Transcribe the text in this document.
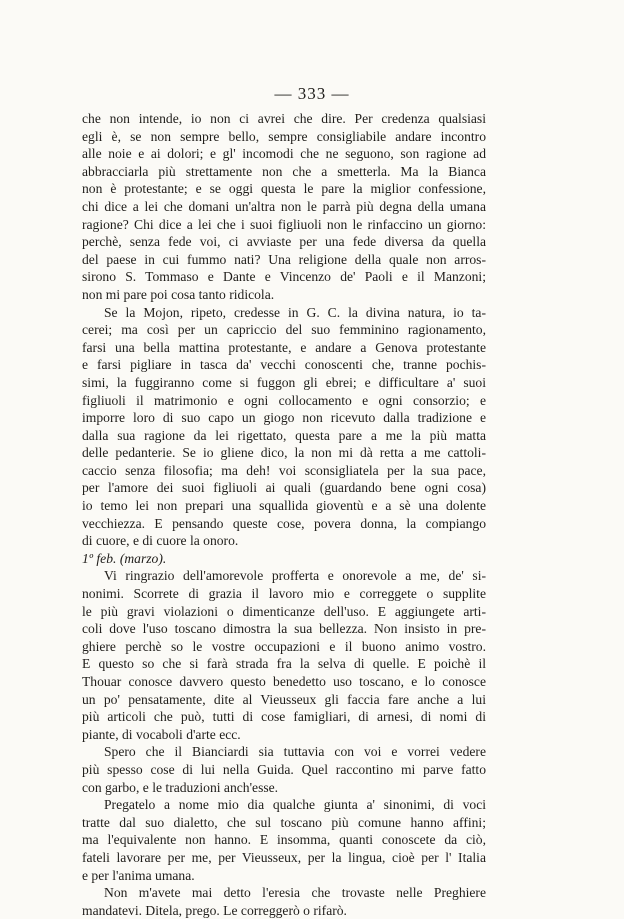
— 333 —
che non intende, io non ci avrei che dire. Per credenza qualsiasi
egli è, se non sempre bello, sempre consigliabile andare incontro
alle noie e ai dolori; e gl' incomodi che ne seguono, son ragione ad
abbracciarla più strettamente non che a smetterla. Ma la Bianca
non è protestante; e se oggi questa le pare la miglior confessione,
chi dice a lei che domani un'altra non le parrà più degna della umana
ragione? Chi dice a lei che i suoi figliuoli non le rinfaccino un giorno:
perchè, senza fede voi, ci avviaste per una fede diversa da quella
del paese in cui fummo nati? Una religione della quale non arros-
sirono S. Tommaso e Dante e Vincenzo de' Paoli e il Manzoni;
non mi pare poi cosa tanto ridicola.
Se la Mojon, ripeto, credesse in G. C. la divina natura, io ta-
cerei; ma così per un capriccio del suo femminino ragionamento,
farsi una bella mattina protestante, e andare a Genova protestante
e farsi pigliare in tasca da' vecchi conoscenti che, tranne pochis-
simi, la fuggiranno come si fuggon gli ebrei; e difficultare a' suoi
figliuoli il matrimonio e ogni collocamento e ogni consorzio; e
imporre loro di suo capo un giogo non ricevuto dalla tradizione e
dalla sua ragione da lei rigettato, questa pare a me la più matta
delle pedanterie. Se io gliene dico, la non mi dà retta a me cattoli-
caccio senza filosofia; ma deh! voi sconsigliatela per la sua pace,
per l'amore dei suoi figliuoli ai quali (guardando bene ogni cosa)
io temo lei non prepari una squallida gioventù e a sè una dolente
vecchiezza. E pensando queste cose, povera donna, la compiango
di cuore, e di cuore la onoro.
1º feb. (marzo).
Vi ringrazio dell'amorevole profferta e onorevole a me, de' si-
nonimi. Scorrete di grazia il lavoro mio e correggete o supplite
le più gravi violazioni o dimenticanze dell'uso. E aggiungete arti-
coli dove l'uso toscano dimostra la sua bellezza. Non insisto in pre-
ghiere perchè so le vostre occupazioni e il buono animo vostro.
E questo so che si farà strada fra la selva di quelle. E poichè il
Thouar conosce davvero questo benedetto uso toscano, e lo conosce
un po' pensatamente, dite al Vieusseux gli faccia fare anche a lui
più articoli che può, tutti di cose famigliari, di arnesi, di nomi di
piante, di vocaboli d'arte ecc.
Spero che il Bianciardi sia tuttavia con voi e vorrei vedere
più spesso cose di lui nella Guida. Quel raccontino mi parve fatto
con garbo, e le traduzioni anch'esse.
Pregatelo a nome mio dia qualche giunta a' sinonimi, di voci
tratte dal suo dialetto, che sul toscano più comune hanno affini;
ma l'equivalente non hanno. E insomma, quanti conoscete da ciò,
fateli lavorare per me, per Vieusseux, per la lingua, cioè per l' Italia
e per l'anima umana.
Non m'avete mai detto l'eresia che trovaste nelle Preghiere
mandatevi. Ditela, prego. Le correggerò o rifarò.
